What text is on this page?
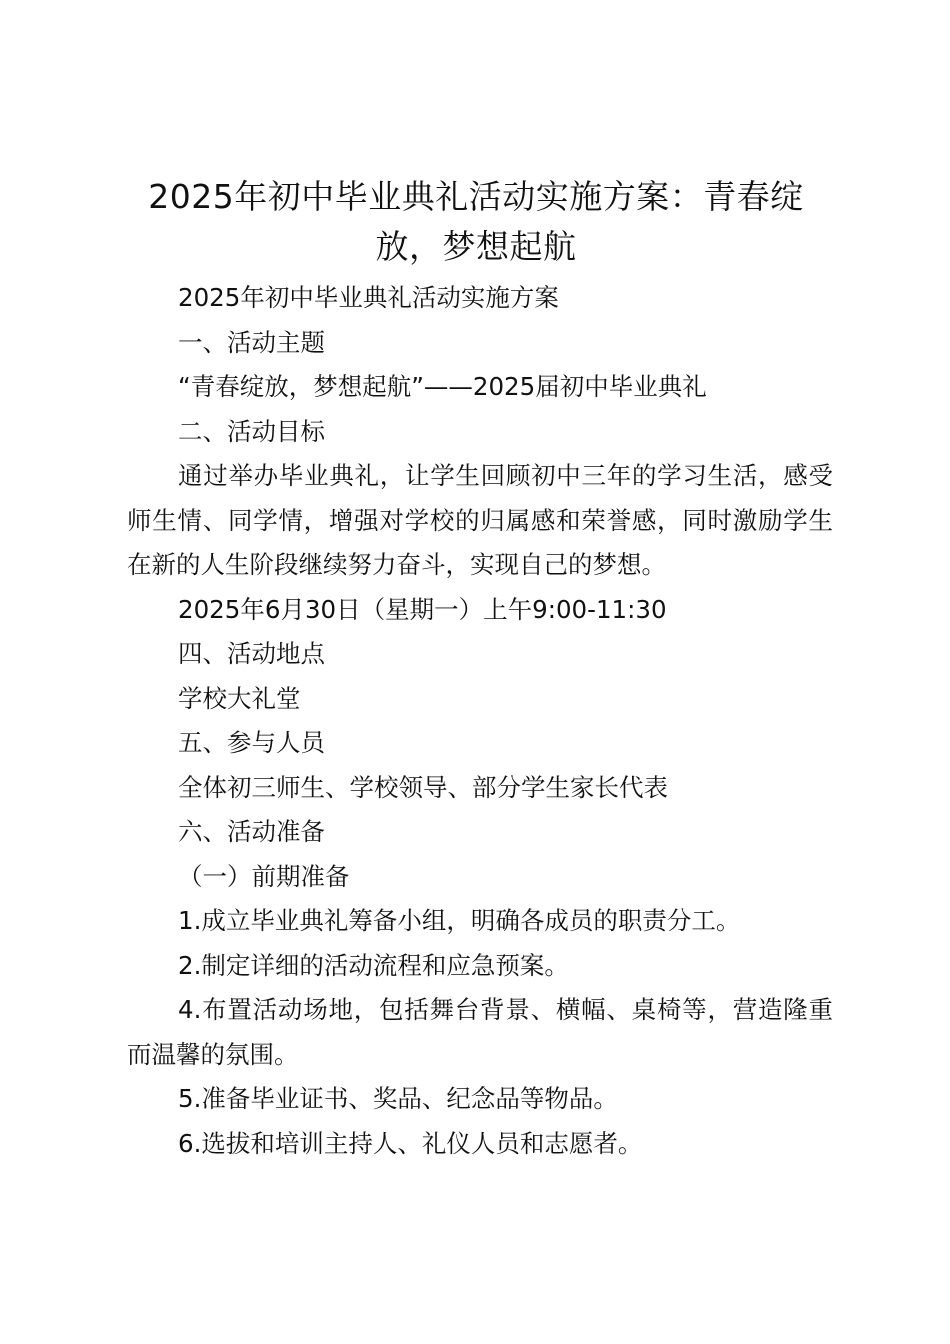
2025年初中毕业典礼活动实施方案：青春绽放，梦想起航

2025年初中毕业典礼活动实施方案

一、活动主题

“青春绽放，梦想起航”——2025届初中毕业典礼

二、活动目标

通过举办毕业典礼，让学生回顾初中三年的学习生活，感受师生情、同学情，增强对学校的归属感和荣誉感，同时激励学生在新的人生阶段继续努力奋斗，实现自己的梦想。

2025年6月30日（星期一）上午9:00-11:30

四、活动地点

学校大礼堂

五、参与人员

全体初三师生、学校领导、部分学生家长代表

六、活动准备

（一）前期准备

1.成立毕业典礼筹备小组，明确各成员的职责分工。

2.制定详细的活动流程和应急预案。

4.布置活动场地，包括舞台背景、横幅、桌椅等，营造隆重而温馨的氛围。

5.准备毕业证书、奖品、纪念品等物品。

6.选拔和培训主持人、礼仪人员和志愿者。
